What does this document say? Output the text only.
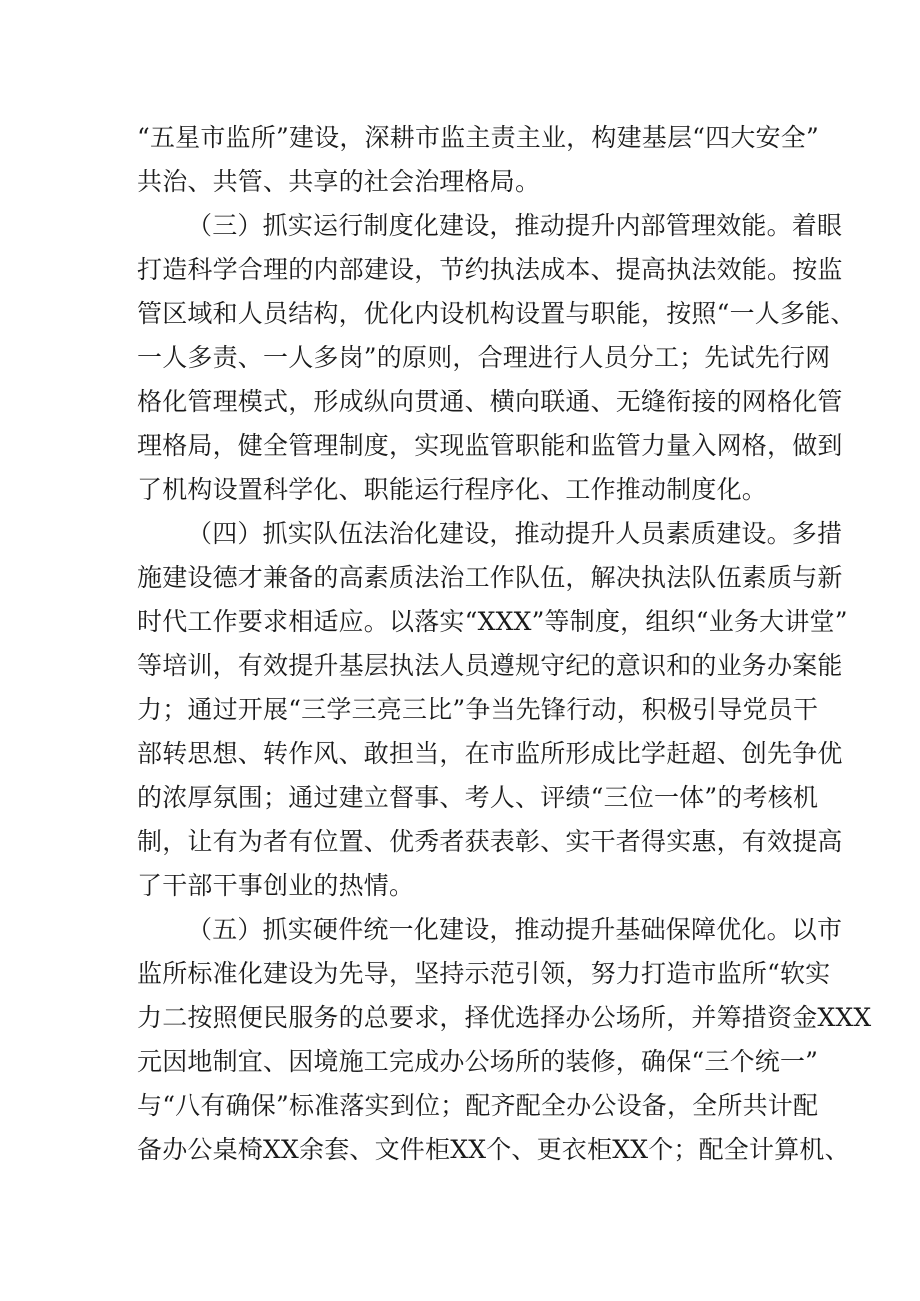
“五星市监所”建设，深耕市监主责主业，构建基层“四大安全”
共治、共管、共享的社会治理格局。
（三）抓实运行制度化建设，推动提升内部管理效能。着眼
打造科学合理的内部建设，节约执法成本、提高执法效能。按监
管区域和人员结构，优化内设机构设置与职能，按照“一人多能、
一人多责、一人多岗”的原则，合理进行人员分工；先试先行网
格化管理模式，形成纵向贯通、横向联通、无缝衔接的网格化管
理格局，健全管理制度，实现监管职能和监管力量入网格，做到
了机构设置科学化、职能运行程序化、工作推动制度化。
（四）抓实队伍法治化建设，推动提升人员素质建设。多措
施建设德才兼备的高素质法治工作队伍，解决执法队伍素质与新
时代工作要求相适应。以落实“XXX”等制度，组织“业务大讲堂”
等培训，有效提升基层执法人员遵规守纪的意识和的业务办案能
力；通过开展“三学三亮三比”争当先锋行动，积极引导党员干
部转思想、转作风、敢担当，在市监所形成比学赶超、创先争优
的浓厚氛围；通过建立督事、考人、评绩“三位一体”的考核机
制，让有为者有位置、优秀者获表彰、实干者得实惠，有效提高
了干部干事创业的热情。
（五）抓实硬件统一化建设，推动提升基础保障优化。以市
监所标准化建设为先导，坚持示范引领，努力打造市监所“软实
力二按照便民服务的总要求，择优选择办公场所，并筹措资金XXX
元因地制宜、因境施工完成办公场所的装修，确保“三个统一”
与“八有确保”标准落实到位；配齐配全办公设备，全所共计配
备办公桌椅XX余套、文件柜XX个、更衣柜XX个；配全计算机、
